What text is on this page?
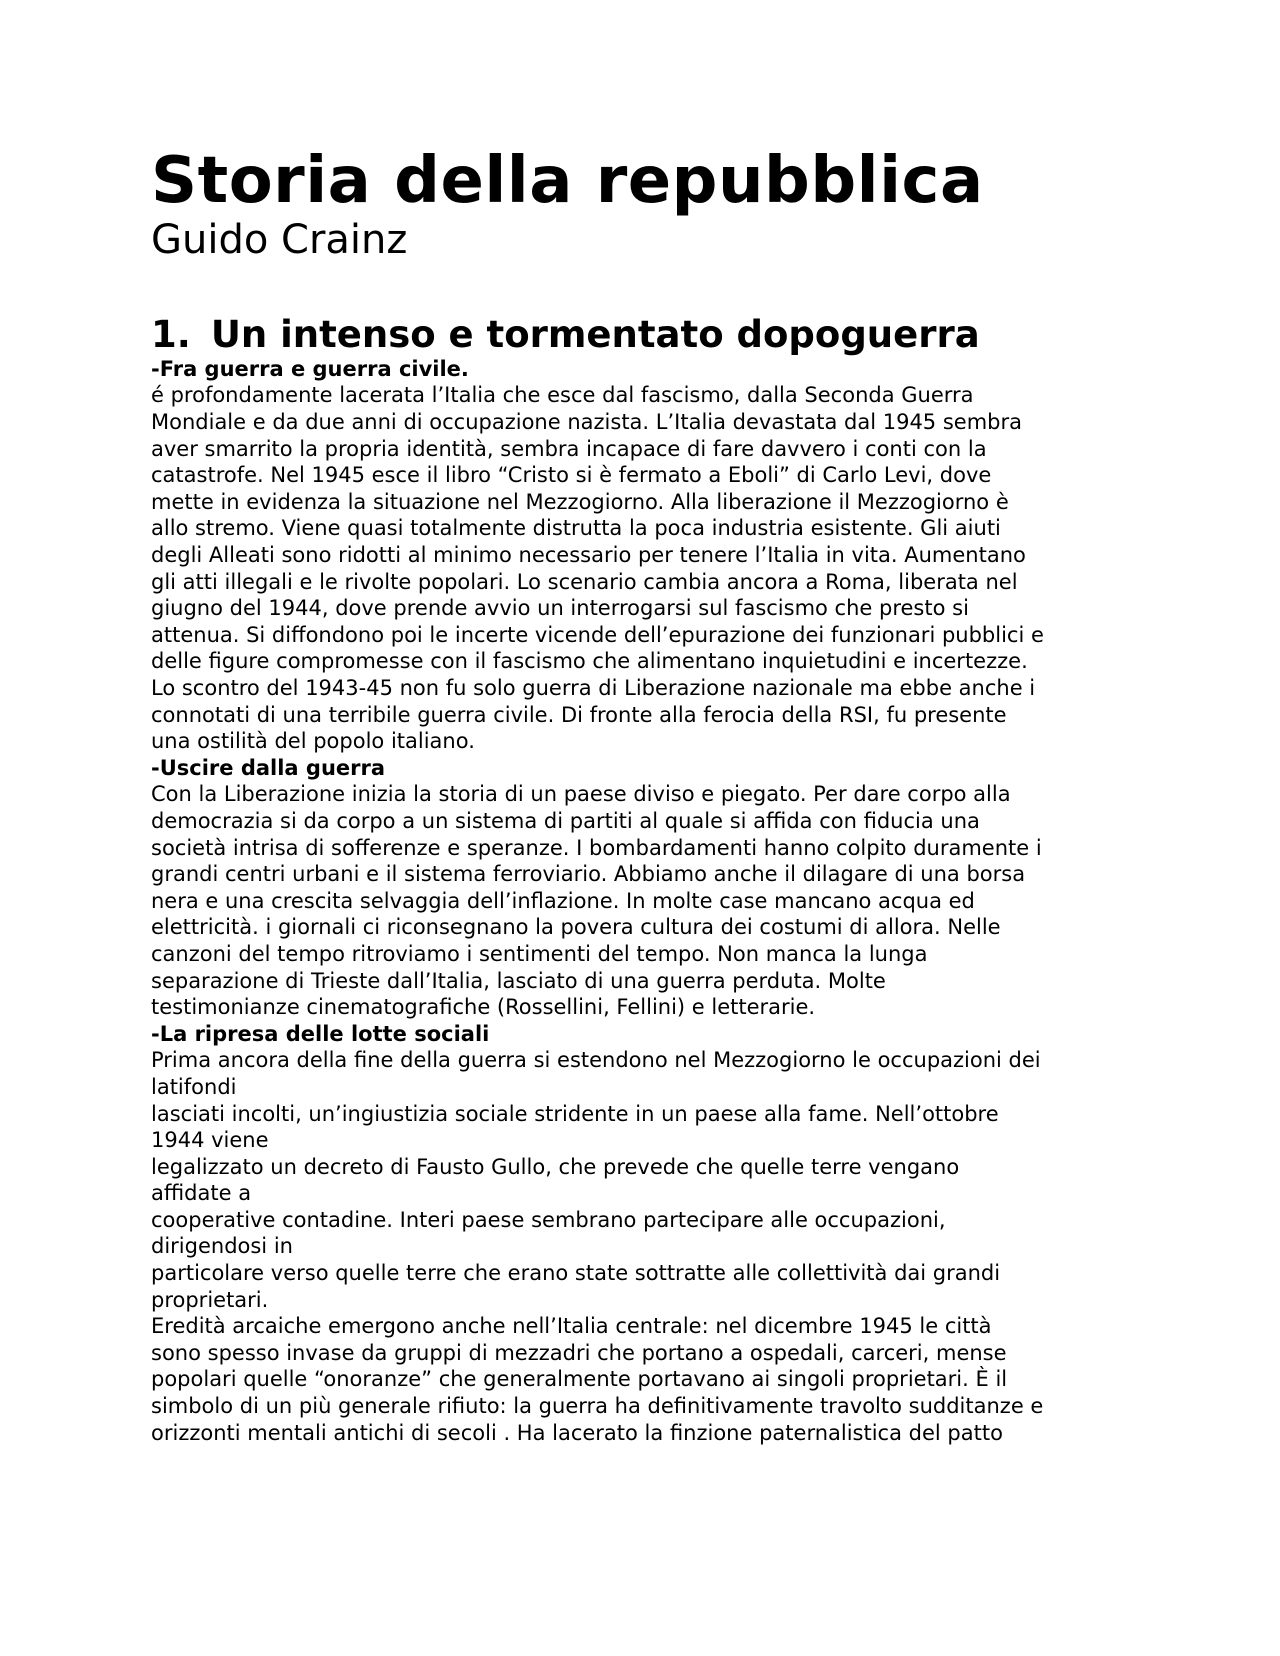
Storia della repubblica
Guido Crainz
1. Un intenso e tormentato dopoguerra
-Fra guerra e guerra civile.
é profondamente lacerata l’Italia che esce dal fascismo, dalla Seconda Guerra
Mondiale e da due anni di occupazione nazista. L’Italia devastata dal 1945 sembra
aver smarrito la propria identità, sembra incapace di fare davvero i conti con la
catastrofe. Nel 1945 esce il libro “Cristo si è fermato a Eboli” di Carlo Levi, dove
mette in evidenza la situazione nel Mezzogiorno. Alla liberazione il Mezzogiorno è
allo stremo. Viene quasi totalmente distrutta la poca industria esistente. Gli aiuti
degli Alleati sono ridotti al minimo necessario per tenere l’Italia in vita. Aumentano
gli atti illegali e le rivolte popolari. Lo scenario cambia ancora a Roma, liberata nel
giugno del 1944, dove prende avvio un interrogarsi sul fascismo che presto si
attenua. Si diffondono poi le incerte vicende dell’epurazione dei funzionari pubblici e
delle figure compromesse con il fascismo che alimentano inquietudini e incertezze.
Lo scontro del 1943-45 non fu solo guerra di Liberazione nazionale ma ebbe anche i
connotati di una terribile guerra civile. Di fronte alla ferocia della RSI, fu presente
una ostilità del popolo italiano.
-Uscire dalla guerra
Con la Liberazione inizia la storia di un paese diviso e piegato. Per dare corpo alla
democrazia si da corpo a un sistema di partiti al quale si affida con fiducia una
società intrisa di sofferenze e speranze. I bombardamenti hanno colpito duramente i
grandi centri urbani e il sistema ferroviario. Abbiamo anche il dilagare di una borsa
nera e una crescita selvaggia dell’inflazione. In molte case mancano acqua ed
elettricità. i giornali ci riconsegnano la povera cultura dei costumi di allora. Nelle
canzoni del tempo ritroviamo i sentimenti del tempo. Non manca la lunga
separazione di Trieste dall’Italia, lasciato di una guerra perduta. Molte
testimonianze cinematografiche (Rossellini, Fellini) e letterarie.
-La ripresa delle lotte sociali
Prima ancora della fine della guerra si estendono nel Mezzogiorno le occupazioni dei
latifondi
lasciati incolti, un’ingiustizia sociale stridente in un paese alla fame. Nell’ottobre
1944 viene
legalizzato un decreto di Fausto Gullo, che prevede che quelle terre vengano
affidate a
cooperative contadine. Interi paese sembrano partecipare alle occupazioni,
dirigendosi in
particolare verso quelle terre che erano state sottratte alle collettività dai grandi
proprietari.
Eredità arcaiche emergono anche nell’Italia centrale: nel dicembre 1945 le città
sono spesso invase da gruppi di mezzadri che portano a ospedali, carceri, mense
popolari quelle “onoranze” che generalmente portavano ai singoli proprietari. È il
simbolo di un più generale rifiuto: la guerra ha definitivamente travolto sudditanze e
orizzonti mentali antichi di secoli . Ha lacerato la finzione paternalistica del patto
